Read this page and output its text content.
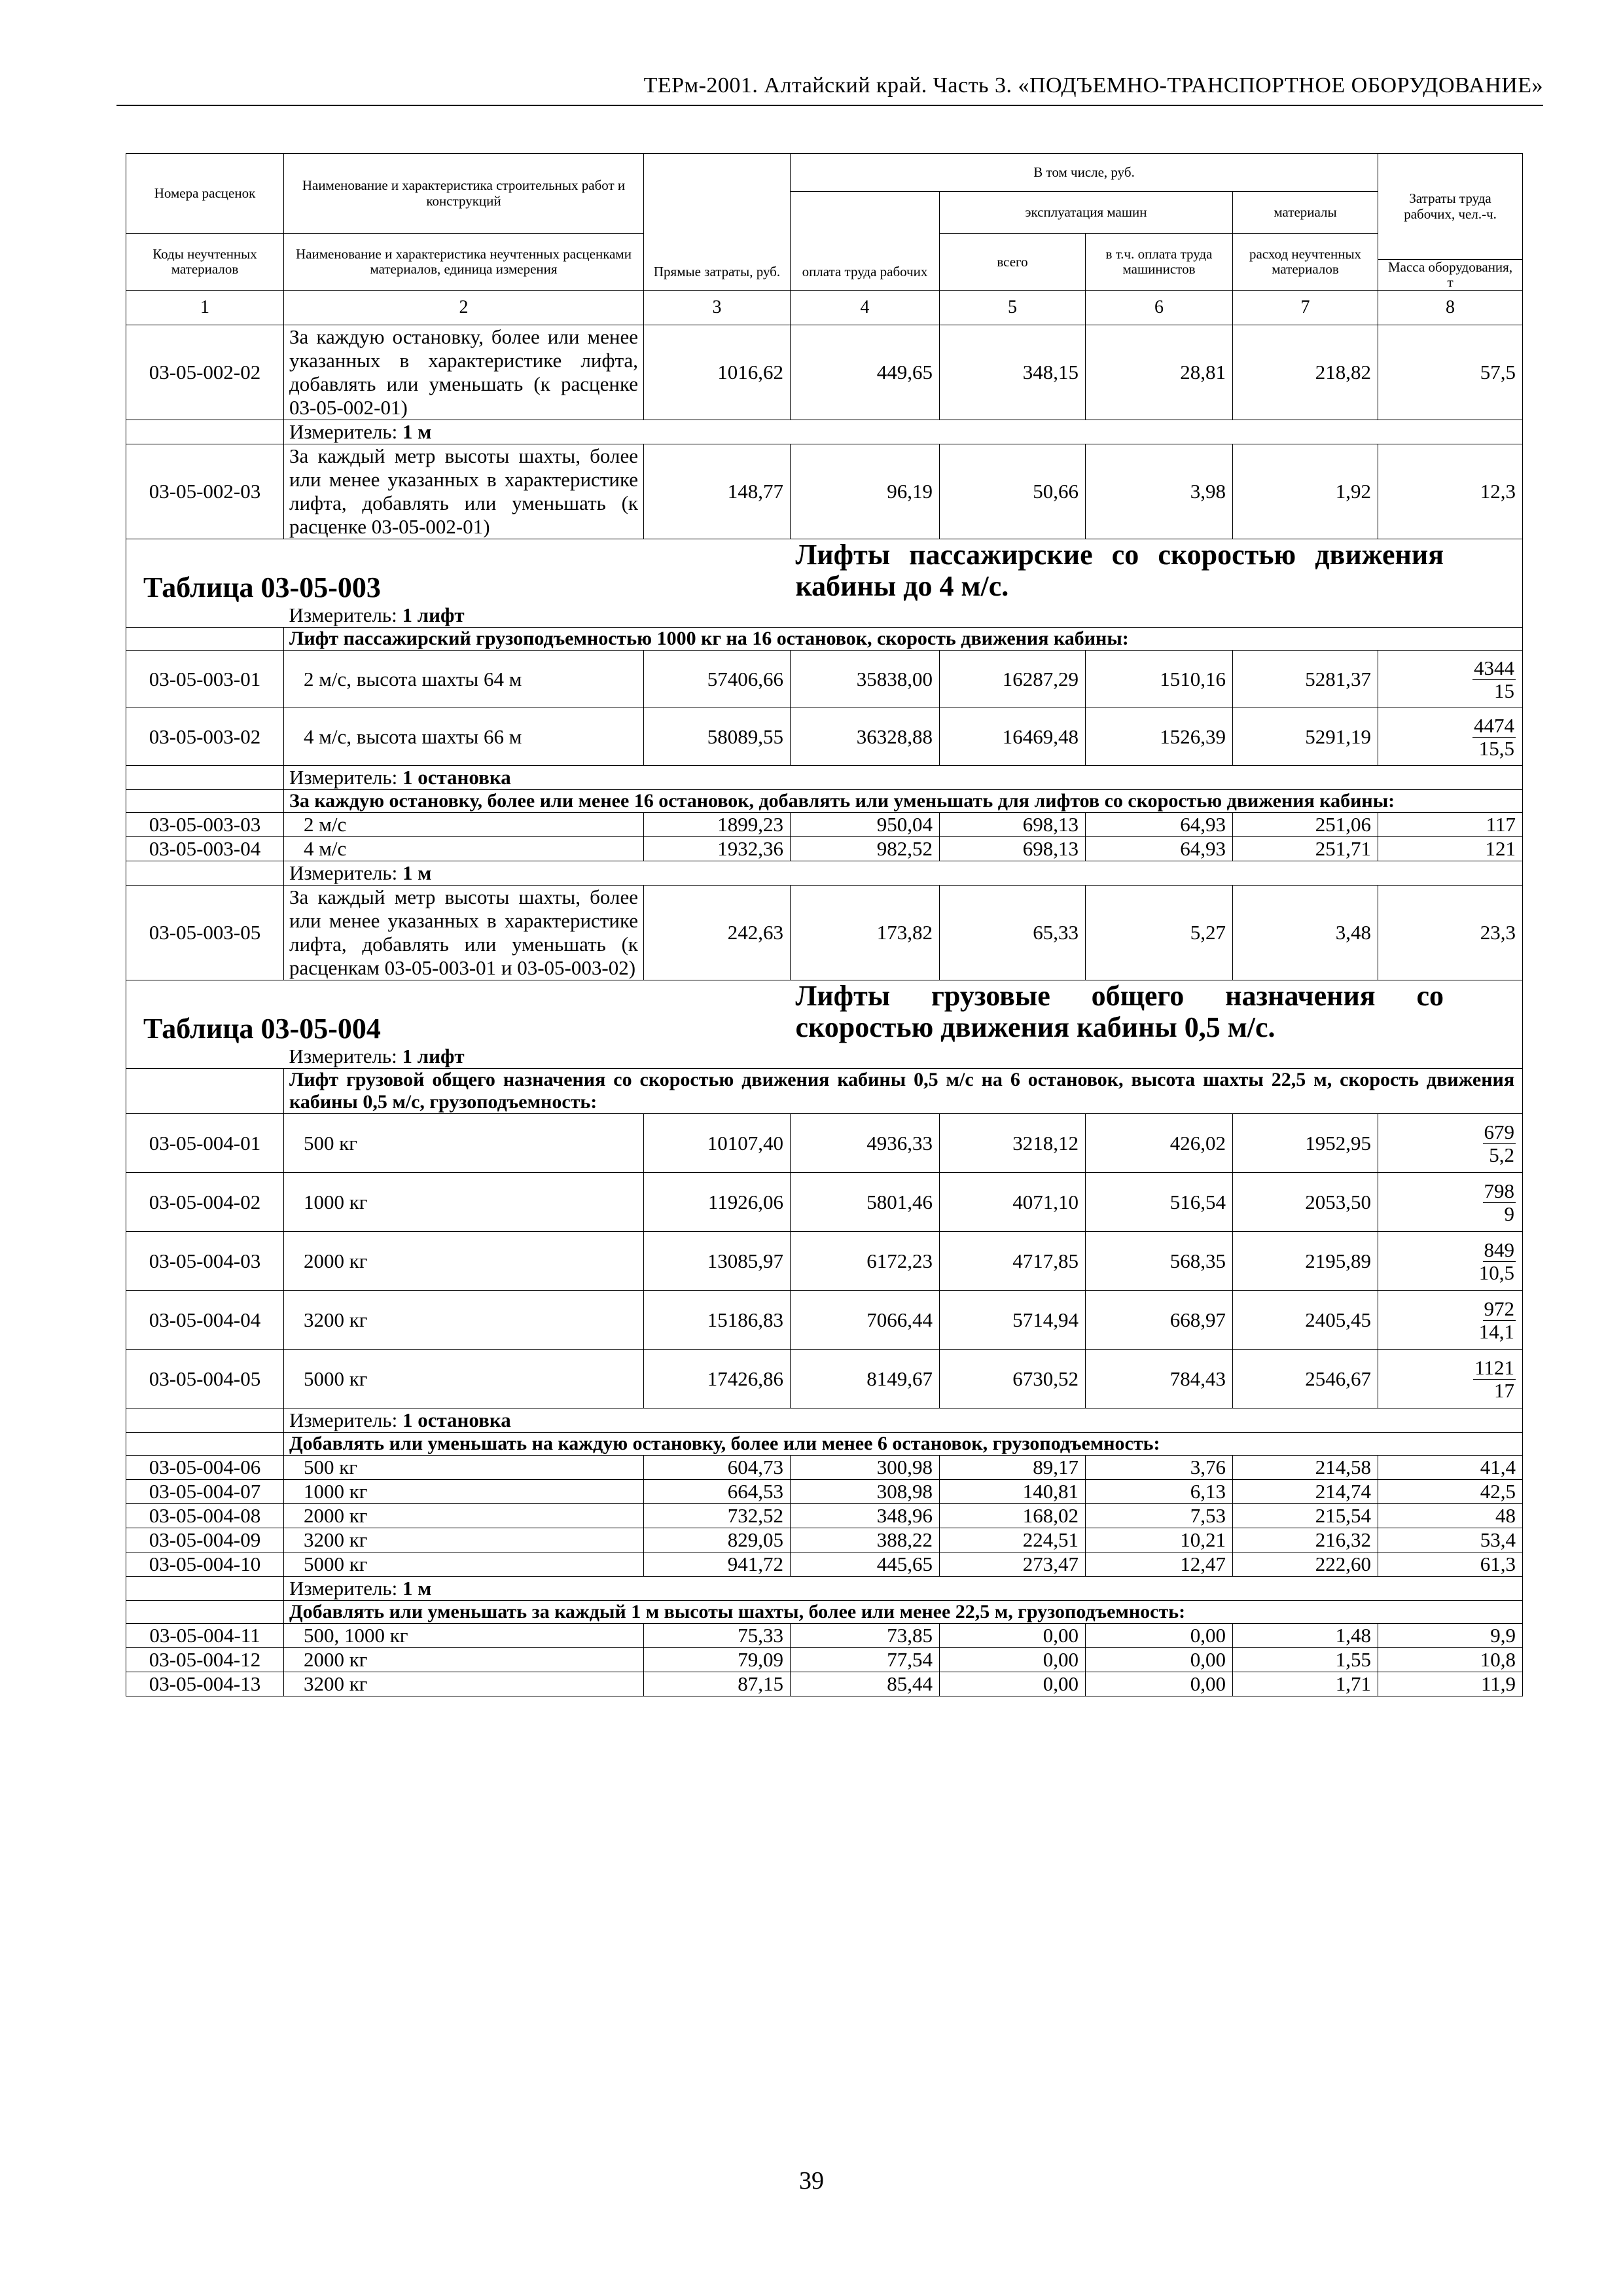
ТЕРм-2001. Алтайский край. Часть 3. «ПОДЪЕМНО-ТРАНСПОРТНОЕ ОБОРУДОВАНИЕ»
Номера расценок	Наименование и характеристика строительных работ и конструкций	Прямые затраты, руб.	В том числе, руб.				Затраты труда рабочих, чел.-ч.
			оплата труда рабочих	эксплуатация машин		материалы	
Коды неучтенных материалов	Наименование и характеристика неучтенных расценками материалов, единица измерения			всего	в т.ч. оплата труда машинистов	расход неучтенных материалов	
							Масса оборудования, т
1	2	3	4	5	6	7	8
03-05-002-02	За каждую остановку, более или менее указанных в характеристике лифта, добавлять или уменьшать (к расценке 03-05-002-01)	1016,62	449,65	348,15	28,81	218,82	57,5
	Измеритель: 1 м						
03-05-002-03	За каждый метр высоты шахты, более или менее указанных в характеристике лифта, добавлять или уменьшать (к расценке 03-05-002-01)	148,77	96,19	50,66	3,98	1,92	12,3
Таблица 03-05-003			Лифты пассажирские со скоростью движения кабины до 4 м/с.				
	Измеритель: 1 лифт						
	Лифт пассажирский грузоподъемностью 1000 кг на 16 остановок, скорость движения кабины:						
03-05-003-01	2 м/с, высота шахты 64 м	57406,66	35838,00	16287,29	1510,16	5281,37	$\frac{4344}{15}$

03-05-003-02	4 м/с, высота шахты 66 м	58089,55	36328,88	16469,48	1526,39	5291,19	$\frac{4474}{15,5}$

	Измеритель: 1 остановка						
	За каждую остановку, более или менее 16 остановок, добавлять или уменьшать для лифтов со скоростью движения кабины:						
03-05-003-03	2 м/с	1899,23	950,04	698,13	64,93	251,06	117
03-05-003-04	4 м/с	1932,36	982,52	698,13	64,93	251,71	121
	Измеритель: 1 м						
03-05-003-05	За каждый метр высоты шахты, более или менее указанных в характеристике лифта, добавлять или уменьшать (к расценкам 03-05-003-01 и 03-05-003-02)	242,63	173,82	65,33	5,27	3,48	23,3
Таблица 03-05-004			Лифты грузовые общего назначения со скоростью движения кабины 0,5 м/с.				
	Измеритель: 1 лифт						
	Лифт грузовой общего назначения со скоростью движения кабины 0,5 м/с на 6 остановок, высота шахты 22,5 м, скорость движения кабины 0,5 м/с, грузоподъемность:						
03-05-004-01	500 кг	10107,40	4936,33	3218,12	426,02	1952,95	$\frac{679}{5,2}$

03-05-004-02	1000 кг	11926,06	5801,46	4071,10	516,54	2053,50	$\frac{798}{9}$

03-05-004-03	2000 кг	13085,97	6172,23	4717,85	568,35	2195,89	$\frac{849}{10,5}$

03-05-004-04	3200 кг	15186,83	7066,44	5714,94	668,97	2405,45	$\frac{972}{14,1}$

03-05-004-05	5000 кг	17426,86	8149,67	6730,52	784,43	2546,67	$\frac{1121}{17}$

	Измеритель: 1 остановка						
	Добавлять или уменьшать на каждую остановку, более или менее 6 остановок, грузоподъемность:						
03-05-004-06	500 кг	604,73	300,98	89,17	3,76	214,58	41,4
03-05-004-07	1000 кг	664,53	308,98	140,81	6,13	214,74	42,5
03-05-004-08	2000 кг	732,52	348,96	168,02	7,53	215,54	48
03-05-004-09	3200 кг	829,05	388,22	224,51	10,21	216,32	53,4
03-05-004-10	5000 кг	941,72	445,65	273,47	12,47	222,60	61,3
	Измеритель: 1 м						
	Добавлять или уменьшать за каждый 1 м высоты шахты, более или менее 22,5 м, грузоподъемность:						
03-05-004-11	500, 1000 кг	75,33	73,85	0,00	0,00	1,48	9,9
03-05-004-12	2000 кг	79,09	77,54	0,00	0,00	1,55	10,8
03-05-004-13	3200 кг	87,15	85,44	0,00	0,00	1,71	11,9
39
